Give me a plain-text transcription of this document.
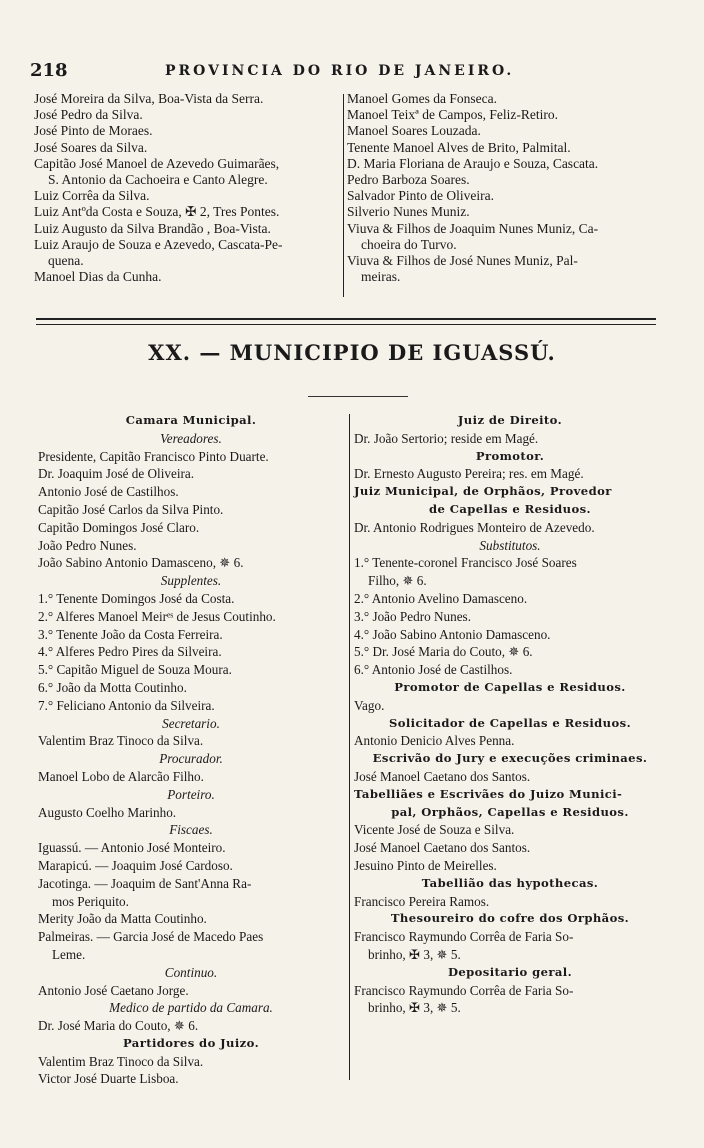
218	PROVINCIA DO RIO DE JANEIRO.
José Moreira da Silva, Boa-Vista da Serra.
José Pedro da Silva.
José Pinto de Moraes.
José Soares da Silva.
Capitão José Manoel de Azevedo Guimarães,
S. Antonio da Cachoeira e Canto Alegre.
Luiz Corrêa da Silva.
Luiz Antºda Costa e Souza, ✠ 2, Tres Pontes.
Luiz Augusto da Silva Brandão , Boa-Vista.
Luiz Araujo de Souza e Azevedo, Cascata-Pe-
quena.
Manoel Dias da Cunha.
Manoel Gomes da Fonseca.
Manoel Teixª de Campos, Feliz-Retiro.
Manoel Soares Louzada.
Tenente Manoel Alves de Brito, Palmital.
D. Maria Floriana de Araujo e Souza, Cascata.
Pedro Barboza Soares.
Salvador Pinto de Oliveira.
Silverio Nunes Muniz.
Viuva & Filhos de Joaquim Nunes Muniz, Ca-
choeira do Turvo.
Viuva & Filhos de José Nunes Muniz, Pal-
meiras.
XX. — MUNICIPIO DE IGUASSÚ.
Camara Municipal.
Vereadores.
Presidente, Capitão Francisco Pinto Duarte.
Dr. Joaquim José de Oliveira.
Antonio José de Castilhos.
Capitão José Carlos da Silva Pinto.
Capitão Domingos José Claro.
João Pedro Nunes.
João Sabino Antonio Damasceno, ✵ 6.
Supplentes.
1.° Tenente Domingos José da Costa.
2.° Alferes Manoel Meirᵉˢ de Jesus Coutinho.
3.° Tenente João da Costa Ferreira.
4.° Alferes Pedro Pires da Silveira.
5.° Capitão Miguel de Souza Moura.
6.° João da Motta Coutinho.
7.° Feliciano Antonio da Silveira.
Secretario.
Valentim Braz Tinoco da Silva.
Procurador.
Manoel Lobo de Alarcão Filho.
Porteiro.
Augusto Coelho Marinho.
Fiscaes.
Iguassú. — Antonio José Monteiro.
Marapicú. — Joaquim José Cardoso.
Jacotinga. — Joaquim de Sant'Anna Ra-
mos Periquito.
Merity João da Matta Coutinho.
Palmeiras. — Garcia José de Macedo Paes
Leme.
Continuo.
Antonio José Caetano Jorge.
Medico de partido da Camara.
Dr. José Maria do Couto, ✵ 6.
Partidores do Juizo.
Valentim Braz Tinoco da Silva.
Victor José Duarte Lisboa.
Juiz de Direito.
Dr. João Sertorio; reside em Magé.
Promotor.
Dr. Ernesto Augusto Pereira; res. em Magé.
Juiz Municipal, de Orphãos, Provedor
de Capellas e Residuos.
Dr. Antonio Rodrigues Monteiro de Azevedo.
Substitutos.
1.° Tenente-coronel Francisco José Soares
Filho, ✵ 6.
2.° Antonio Avelino Damasceno.
3.° João Pedro Nunes.
4.° João Sabino Antonio Damasceno.
5.° Dr. José Maria do Couto, ✵ 6.
6.° Antonio José de Castilhos.
Promotor de Capellas e Residuos.
Vago.
Solicitador de Capellas e Residuos.
Antonio Denicio Alves Penna.
Escrivão do Jury e execuções criminaes.
José Manoel Caetano dos Santos.
Tabelliães e Escrivães do Juizo Munici-
pal, Orphãos, Capellas e Residuos.
Vicente José de Souza e Silva.
José Manoel Caetano dos Santos.
Jesuino Pinto de Meirelles.
Tabellião das hypothecas.
Francisco Pereira Ramos.
Thesoureiro do cofre dos Orphãos.
Francisco Raymundo Corrêa de Faria So-
brinho, ✠ 3, ✵ 5.
Depositario geral.
Francisco Raymundo Corrêa de Faria So-
brinho, ✠ 3, ✵ 5.
